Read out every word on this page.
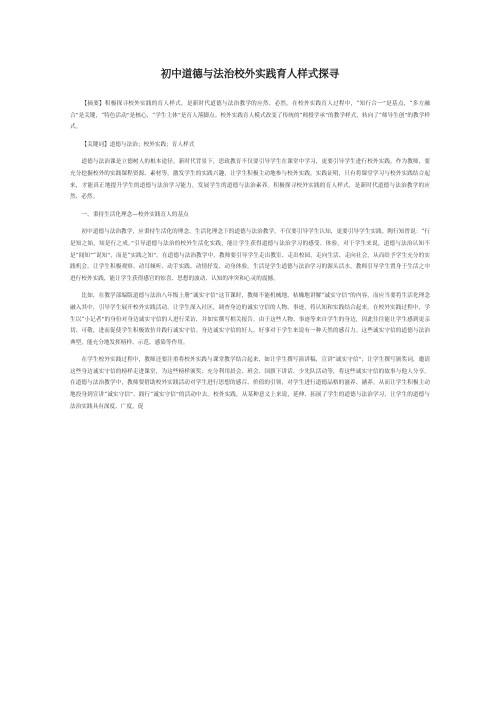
初中道德与法治校外实践育人样式探寻

【摘要】积极探寻校外实践的育人样式，是新时代道德与法治教学的应然、必然。在校外实践育人过程中，“知行合一”是基点，“多方融合”是关键，“特色活动”是核心，“学生主体”是育人落脚点。校外实践育人模式改变了传统的“师授学承”的教学样式，转向了“师导生创”的教学样式。

【关键词】道德与法治；校外实践；育人样式

道德与法治课是立德树人的根本途径。新时代背景下，思政教育不仅要引导学生在课堂中学习，更要引导学生进行校外实践。作为教师，要充分挖掘校外的实践课程资源、素材等，激发学生的实践兴趣，让学生积极主动地参与校外实践。实践证明，只有将课堂学习与校外实践结合起来，才能真正地提升学生的道德与法治学习能力，发展学生的道德与法治素养。积极探寻校外实践的育人样式，是新时代道德与法治教学的应然、必然。

一、秉持生活化理念—校外实践育人的基点

初中道德与法治教学，应秉持生活化的理念。生活化理念下的道德与法治教学，不仅要引导学生认知，更要引导学生实践。陶行知曾说：“行是知之始，知是行之成。”引导道德与法治的校外生活化实践，能让学生获得道德与法治学习的感受、体验。对于学生来说，道德与法治认知不是“闻知”“说知”，而是“实践之知”。在道德与法治教学中，教师要引导学生走出教室、走出校园，走向生活、走向社会，从而给予学生充分的实践机会，让学生积极观察、动耳倾听、动手实践、动情抒发、动身体验。生活是学生道德与法治学习的源头活水。教师引导学生置身于生活之中进行校外实践，能让学生获得感官的惊喜、思想的波动、认知的冲突和心灵的震撼。

比如，在教学部编版道德与法治八年级上册“诚实守信”这节课时，教师不能机械地、枯燥地讲解“诚实守信”的内容，而应当要将生活化理念融入其中，引导学生展开校外实践活动，让学生深入社区，调查身边的诚实守信的人物、事迹，将认知和实践结合起来。在校外实践过程中，学生以“小记者”的身份对身边诚实守信的人进行采访，并如实撰写相关报告。由于这些人物、事迹等来自学生的身边，因此往往能让学生感到更亲切、可敬，进而促使学生积极效仿并践行诚实守信。身边诚实守信的好人、好事对于学生来说有一种天然的感召力。这些诚实守信的道德与法治典型，能充分地发挥榜样、示范、感染等作用。

在学生校外实践过程中，教师还要注重将校外实践与课堂教学结合起来，如让学生撰写演讲稿，宣讲“诚实守信”；让学生撰写颁奖词，邀请这些身边诚实守信的榜样走进课堂，为这些榜样颁奖；充分利用晨会、班会、国旗下讲话、少先队活动等，将这些诚实守信的故事与他人分享。在道德与法治教学中，教师要借助校外实践活动对学生进行思想的感召、价值的引领，对学生进行道德品格的滋养、涵养。从而让学生积极主动地投身到宣讲“诚实守信”、践行“诚实守信”的活动中去。校外实践，从某种意义上来说，延伸、拓展了学生的道德与法治学习，让学生的道德与法治实践具有深度、广度，促
